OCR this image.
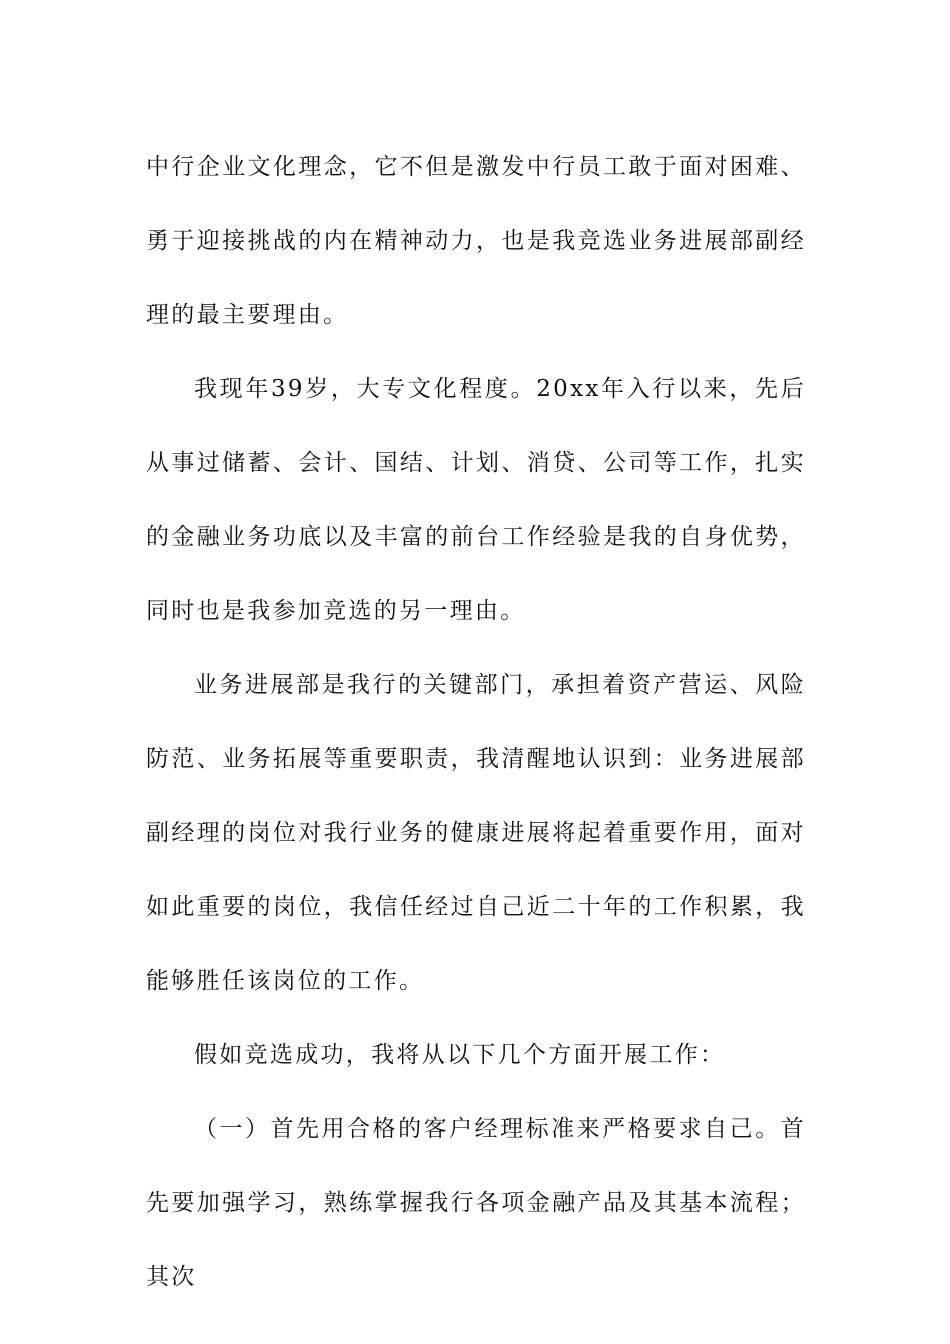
中行企业文化理念，它不但是激发中行员工敢于面对困难、勇于迎接挑战的内在精神动力，也是我竞选业务进展部副经理的最主要理由。

我现年39岁，大专文化程度。20xx年入行以来，先后从事过储蓄、会计、国结、计划、消贷、公司等工作，扎实的金融业务功底以及丰富的前台工作经验是我的自身优势，同时也是我参加竞选的另一理由。

业务进展部是我行的关键部门，承担着资产营运、风险防范、业务拓展等重要职责，我清醒地认识到：业务进展部副经理的岗位对我行业务的健康进展将起着重要作用，面对如此重要的岗位，我信任经过自己近二十年的工作积累，我能够胜任该岗位的工作。

假如竞选成功，我将从以下几个方面开展工作：

（一）首先用合格的客户经理标准来严格要求自己。首先要加强学习，熟练掌握我行各项金融产品及其基本流程；其次
